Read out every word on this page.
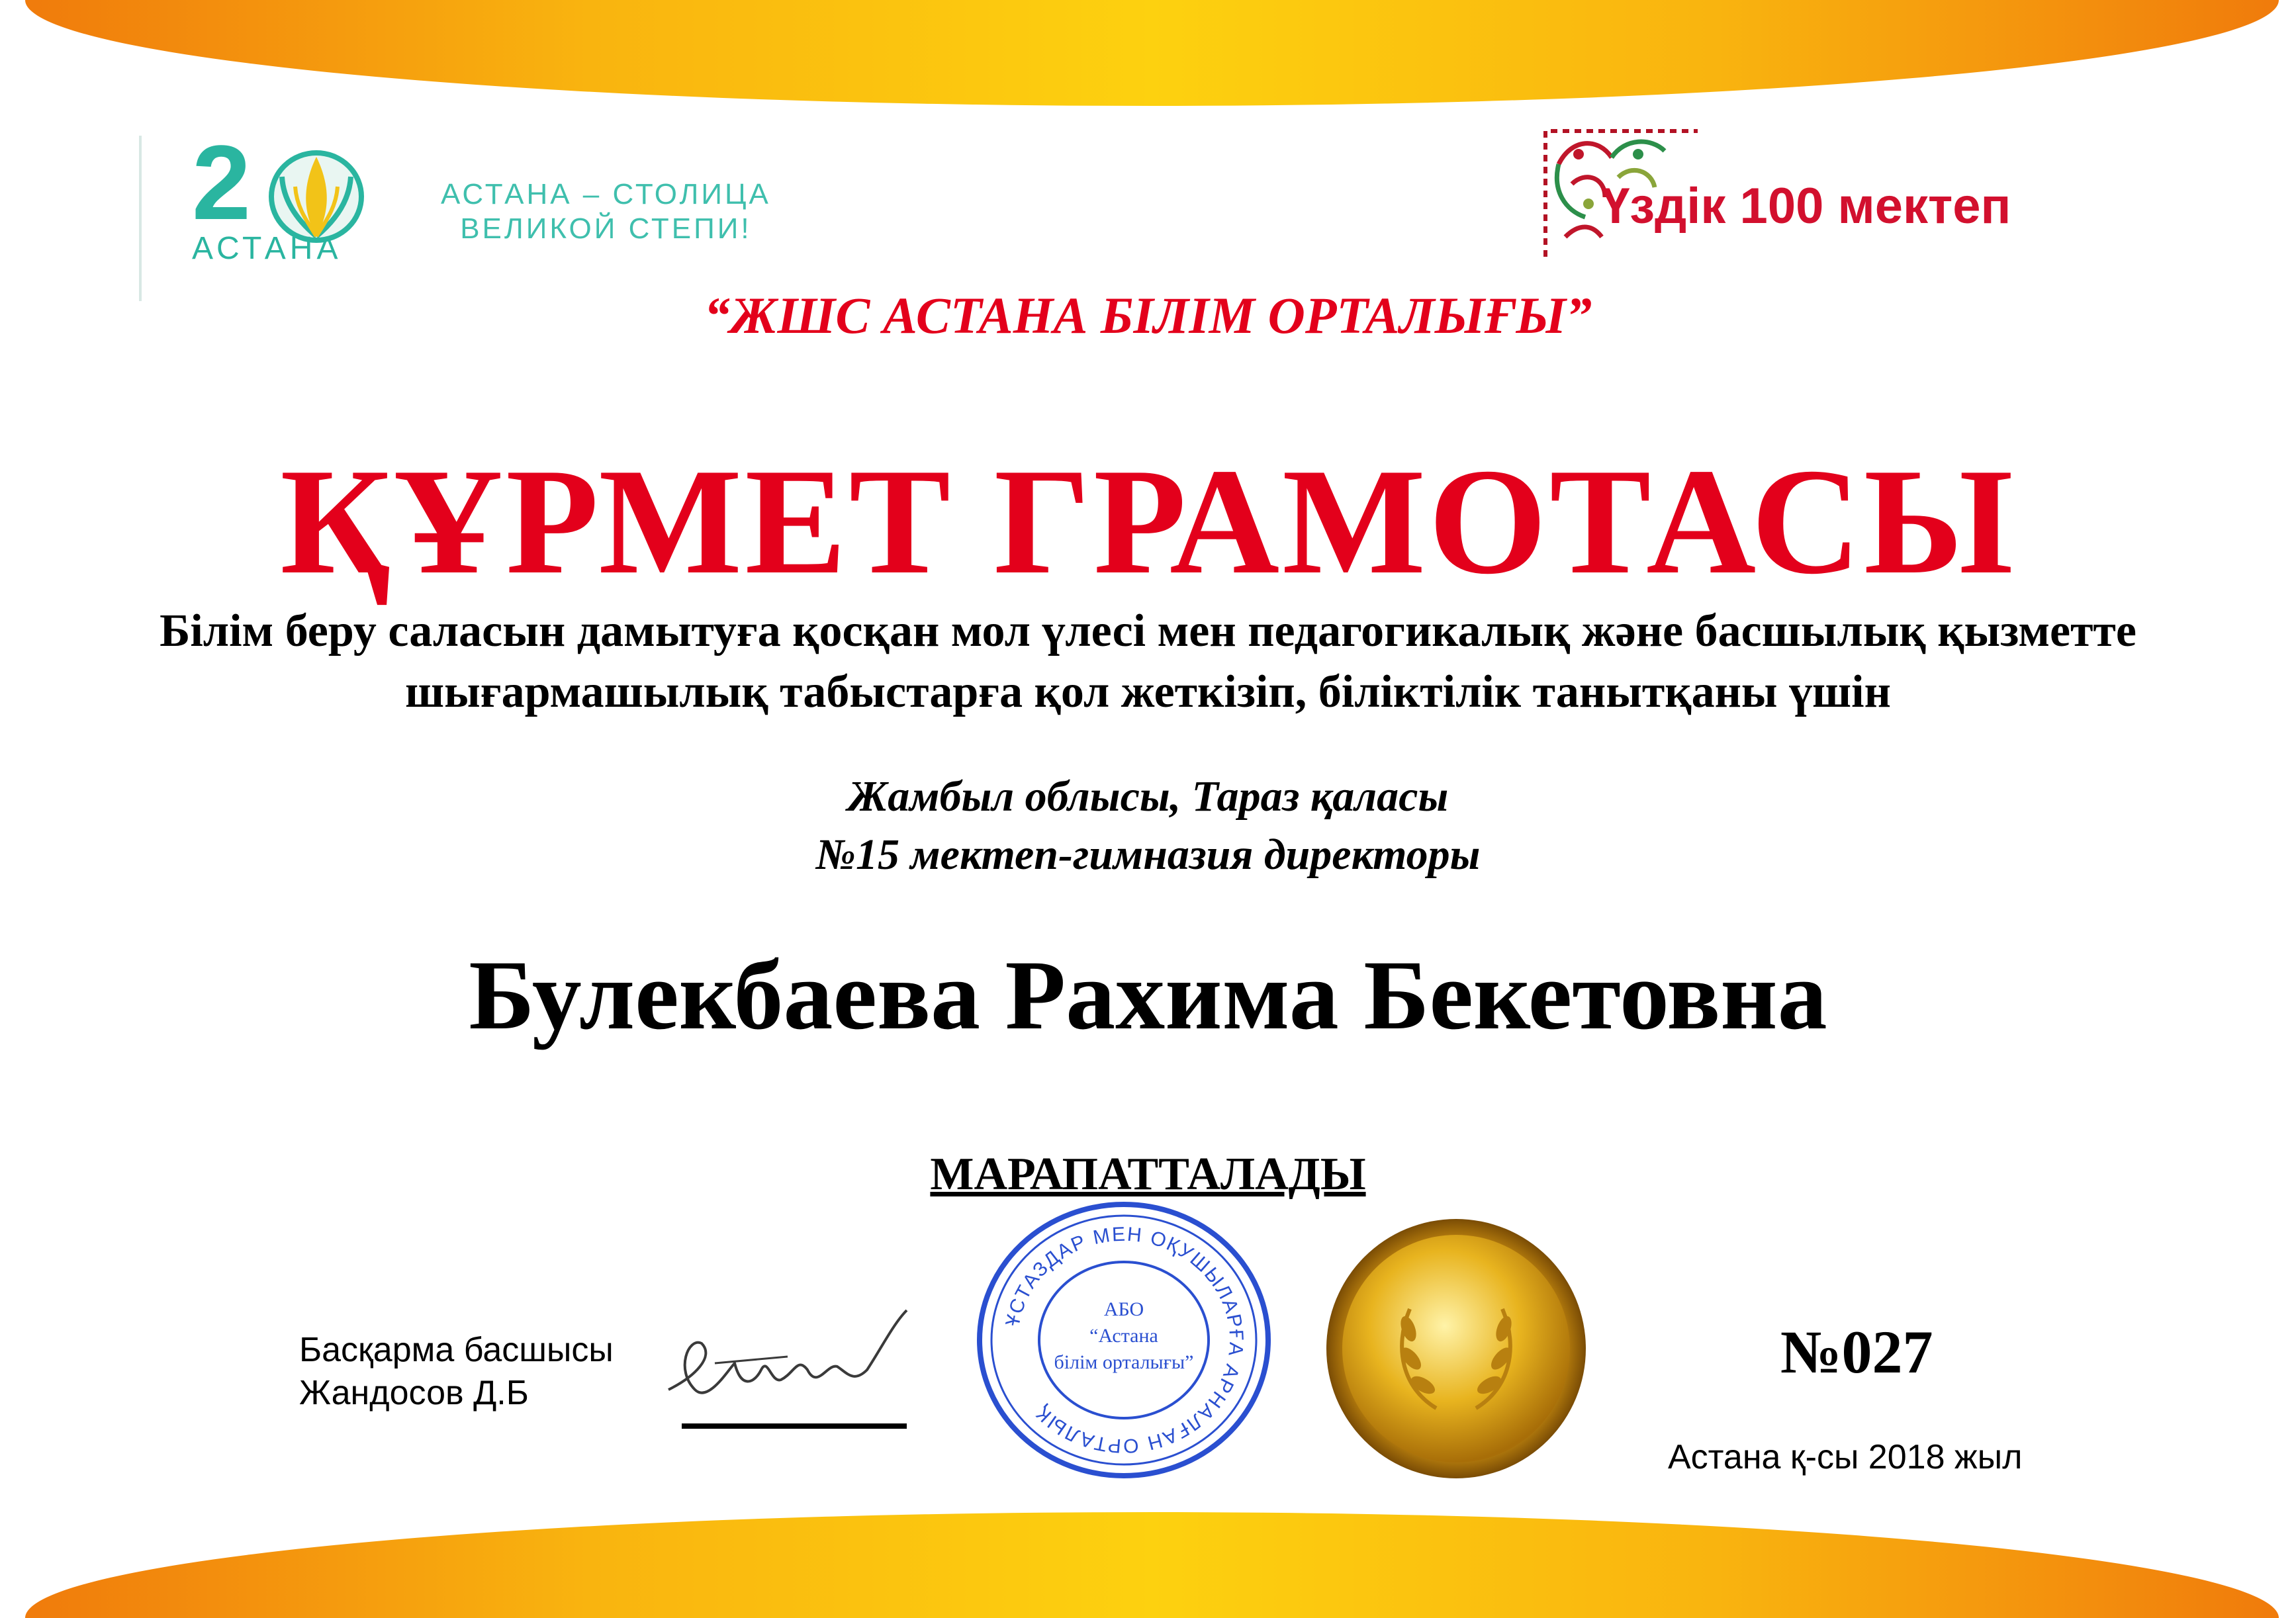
2
АСТАНА
АСТАНА – СТОЛИЦА
ВЕЛИКОЙ СТЕПИ!	Үздік 100 мектеп
“ЖШС АСТАНА БІЛІМ ОРТАЛЫҒЫ”
ҚҰРМЕТ ГРАМОТАСЫ
Білім беру саласын дамытуға қосқан мол үлесі мен педагогикалық және басшылық қызметте
шығармашылық табыстарға қол жеткізіп, біліктілік танытқаны үшін
Жамбыл облысы, Тараз қаласы
№15 мектеп-гимназия директоры
Булекбаева Рахима Бекетовна
МАРАПАТТАЛАДЫ
Басқарма басшысы
Жандосов Д.Б
ҰСТАЗДАР МЕН ОҚУШЫЛАРҒА АРНАЛҒАН ОРТАЛЫҚ
АБО
“Астана
білім орталығы”	№027
Астана қ-сы 2018 жыл
